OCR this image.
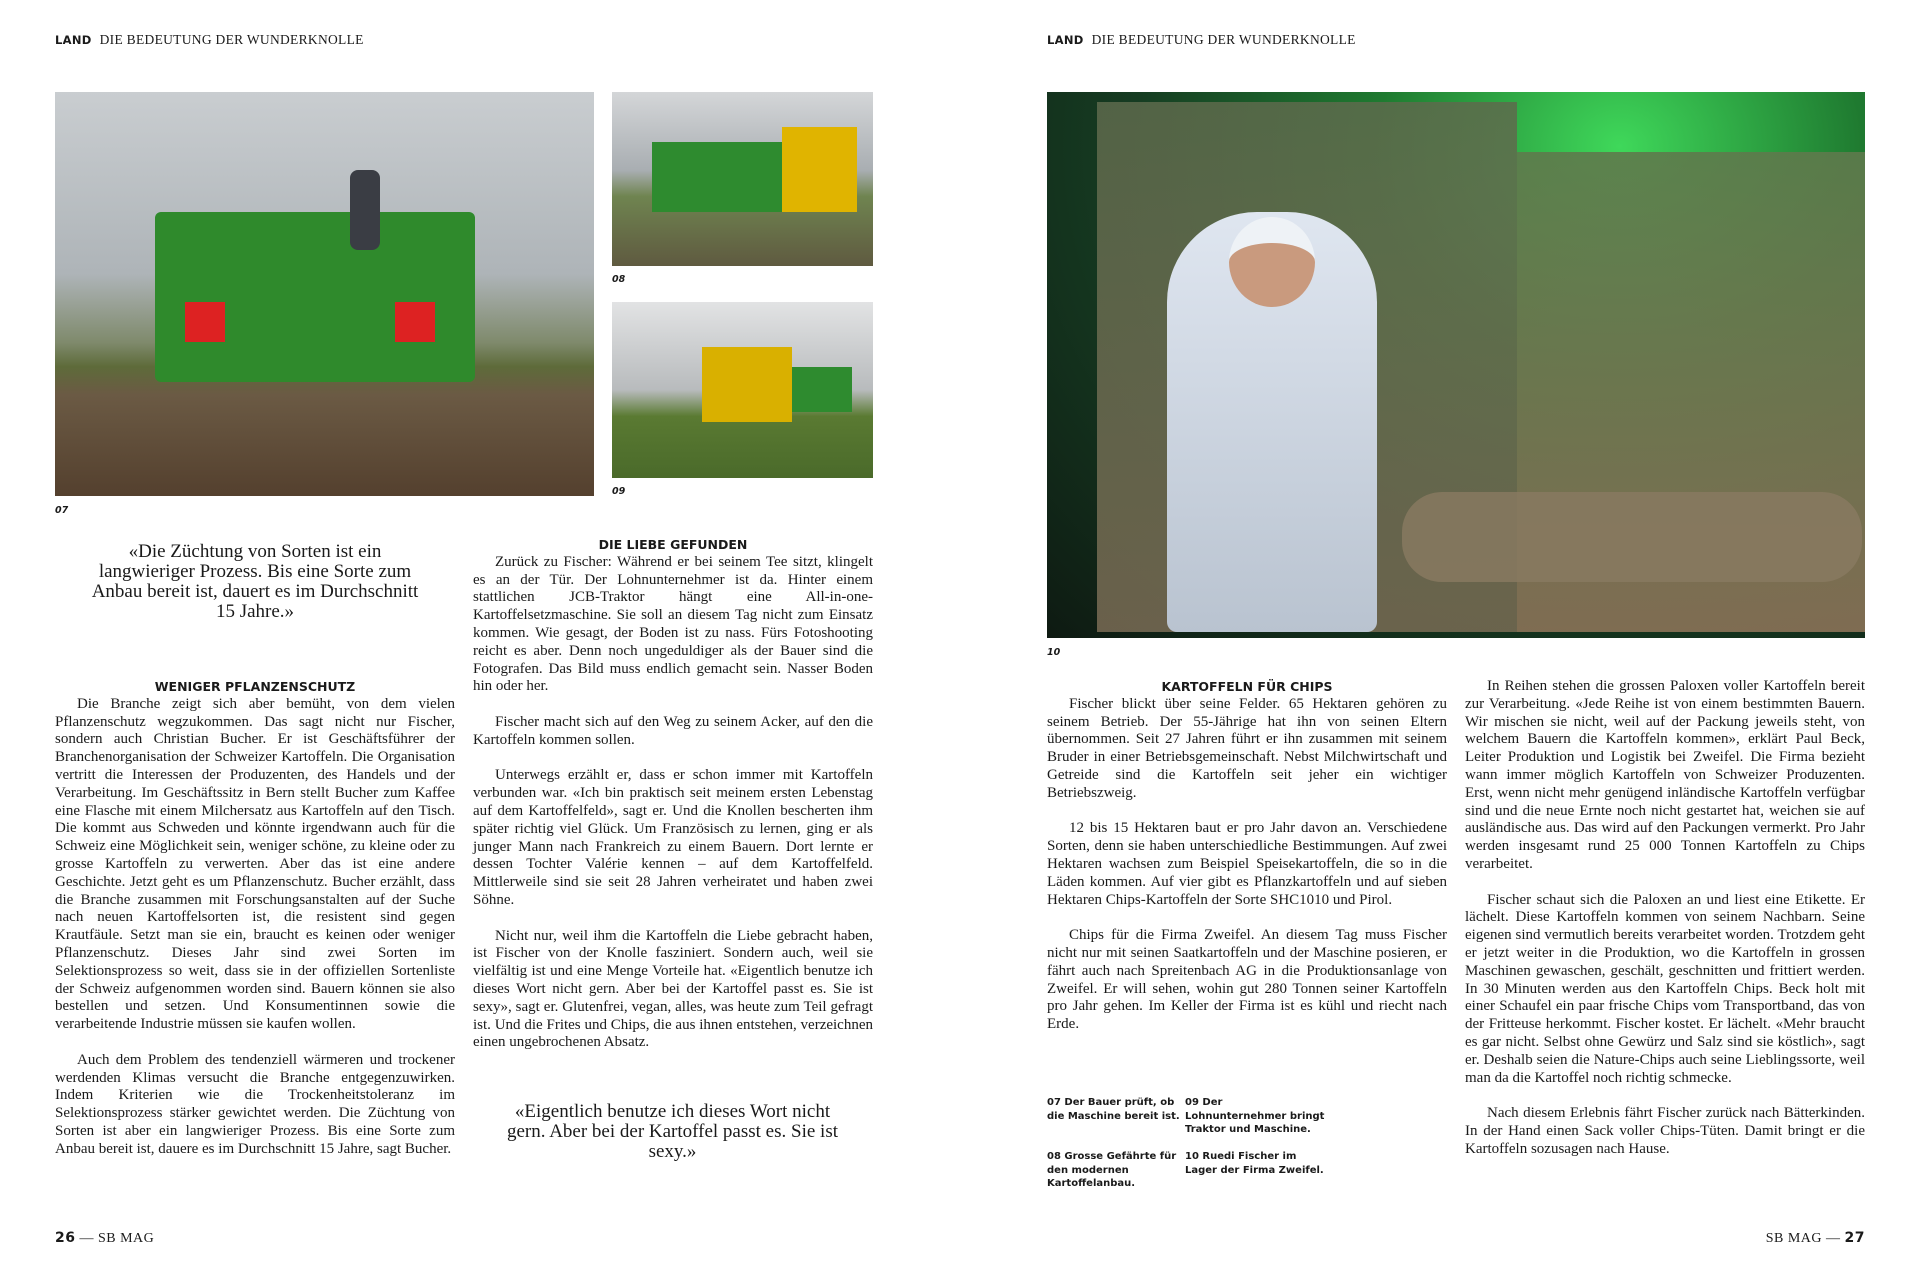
LAND DIE BEDEUTUNG DER WUNDERKNOLLE	LAND DIE BEDEUTUNG DER WUNDERKNOLLE
07
08
09
«Die Züchtung von Sorten ist ein langwieriger Prozess. Bis eine Sorte zum Anbau bereit ist, dauert es im Durchschnitt 15 Jahre.»
WENIGER PFLANZENSCHUTZ

Die Branche zeigt sich aber bemüht, von dem vielen Pflanzenschutz wegzukommen. Das sagt nicht nur Fischer, sondern auch Christian Bucher. Er ist Geschäftsführer der Branchenorganisation der Schweizer Kartoffeln. Die Organisation vertritt die Interessen der Produzenten, des Handels und der Verarbeitung. Im Geschäftssitz in Bern stellt Bucher zum Kaffee eine Flasche mit einem Milchersatz aus Kartoffeln auf den Tisch. Die kommt aus Schweden und könnte irgendwann auch für die Schweiz eine Möglichkeit sein, weniger schöne, zu kleine oder zu grosse Kartoffeln zu verwerten. Aber das ist eine andere Geschichte. Jetzt geht es um Pflanzenschutz. Bucher erzählt, dass die Branche zusammen mit Forschungsanstalten auf der Suche nach neuen Kartoffelsorten ist, die resistent sind gegen Krautfäule. Setzt man sie ein, braucht es keinen oder weniger Pflanzenschutz. Dieses Jahr sind zwei Sorten im Selektionsprozess so weit, dass sie in der offiziellen Sortenliste der Schweiz aufgenommen worden sind. Bauern können sie also bestellen und setzen. Und Konsumentinnen sowie die verarbeitende Industrie müssen sie kaufen wollen.

Auch dem Problem des tendenziell wärmeren und trockener werdenden Klimas versucht die Branche entgegenzuwirken. Indem Kriterien wie die Trockenheitstoleranz im Selektionsprozess stärker gewichtet werden. Die Züchtung von Sorten ist aber ein langwieriger Prozess. Bis eine Sorte zum Anbau bereit ist, dauere es im Durchschnitt 15 Jahre, sagt Bucher.

DIE LIEBE GEFUNDEN

Zurück zu Fischer: Während er bei seinem Tee sitzt, klingelt es an der Tür. Der Lohnunternehmer ist da. Hinter einem stattlichen JCB-Traktor hängt eine All-in-one-Kartoffelsetzmaschine. Sie soll an diesem Tag nicht zum Einsatz kommen. Wie gesagt, der Boden ist zu nass. Fürs Fotoshooting reicht es aber. Denn noch ungeduldiger als der Bauer sind die Fotografen. Das Bild muss endlich gemacht sein. Nasser Boden hin oder her.

Fischer macht sich auf den Weg zu seinem Acker, auf den die Kartoffeln kommen sollen.

Unterwegs erzählt er, dass er schon immer mit Kartoffeln verbunden war. «Ich bin praktisch seit meinem ersten Lebenstag auf dem Kartoffelfeld», sagt er. Und die Knollen bescherten ihm später richtig viel Glück. Um Französisch zu lernen, ging er als junger Mann nach Frankreich zu einem Bauern. Dort lernte er dessen Tochter Valérie kennen – auf dem Kartoffelfeld. Mittlerweile sind sie seit 28 Jahren verheiratet und haben zwei Söhne.

Nicht nur, weil ihm die Kartoffeln die Liebe gebracht haben, ist Fischer von der Knolle fasziniert. Sondern auch, weil sie vielfältig ist und eine Menge Vorteile hat. «Eigentlich benutze ich dieses Wort nicht gern. Aber bei der Kartoffel passt es. Sie ist sexy», sagt er. Glutenfrei, vegan, alles, was heute zum Teil gefragt ist. Und die Frites und Chips, die aus ihnen entstehen, verzeichnen einen ungebrochenen Absatz.

«Eigentlich benutze ich dieses Wort nicht gern. Aber bei der Kartoffel passt es. Sie ist sexy.»
26 — SB MAG
10
KARTOFFELN FÜR CHIPS

Fischer blickt über seine Felder. 65 Hektaren gehören zu seinem Betrieb. Der 55-Jährige hat ihn von seinen Eltern übernommen. Seit 27 Jahren führt er ihn zusammen mit seinem Bruder in einer Betriebsgemeinschaft. Nebst Milchwirtschaft und Getreide sind die Kartoffeln seit jeher ein wichtiger Betriebszweig.

12 bis 15 Hektaren baut er pro Jahr davon an. Verschiedene Sorten, denn sie haben unterschiedliche Bestimmungen. Auf zwei Hektaren wachsen zum Beispiel Speisekartoffeln, die so in die Läden kommen. Auf vier gibt es Pflanzkartoffeln und auf sieben Hektaren Chips-Kartoffeln der Sorte SHC1010 und Pirol.

Chips für die Firma Zweifel. An diesem Tag muss Fischer nicht nur mit seinen Saatkartoffeln und der Maschine posieren, er fährt auch nach Spreitenbach AG in die Produktionsanlage von Zweifel. Er will sehen, wohin gut 280 Tonnen seiner Kartoffeln pro Jahr gehen. Im Keller der Firma ist es kühl und riecht nach Erde.

07 Der Bauer prüft, ob die Maschine bereit ist.
09 Der Lohnunternehmer bringt Traktor und Maschine.
08 Grosse Gefährte für den modernen Kartoffelanbau.
10 Ruedi Fischer im Lager der Firma Zweifel.

In Reihen stehen die grossen Paloxen voller Kartoffeln bereit zur Verarbeitung. «Jede Reihe ist von einem bestimmten Bauern. Wir mischen sie nicht, weil auf der Packung jeweils steht, von welchem Bauern die Kartoffeln kommen», erklärt Paul Beck, Leiter Produktion und Logistik bei Zweifel. Die Firma bezieht wann immer möglich Kartoffeln von Schweizer Produzenten. Erst, wenn nicht mehr genügend inländische Kartoffeln verfügbar sind und die neue Ernte noch nicht gestartet hat, weichen sie auf ausländische aus. Das wird auf den Packungen vermerkt. Pro Jahr werden insgesamt rund 25 000 Tonnen Kartoffeln zu Chips verarbeitet.

Fischer schaut sich die Paloxen an und liest eine Etikette. Er lächelt. Diese Kartoffeln kommen von seinem Nachbarn. Seine eigenen sind vermutlich bereits verarbeitet worden. Trotzdem geht er jetzt weiter in die Produktion, wo die Kartoffeln in grossen Maschinen gewaschen, geschält, geschnitten und frittiert werden. In 30 Minuten werden aus den Kartoffeln Chips. Beck holt mit einer Schaufel ein paar frische Chips vom Transportband, das von der Fritteuse herkommt. Fischer kostet. Er lächelt. «Mehr braucht es gar nicht. Selbst ohne Gewürz und Salz sind sie köstlich», sagt er. Deshalb seien die Nature-Chips auch seine Lieblingssorte, weil man da die Kartoffel noch richtig schmecke.

Nach diesem Erlebnis fährt Fischer zurück nach Bätterkinden. In der Hand einen Sack voller Chips-Tüten. Damit bringt er die Kartoffeln sozusagen nach Hause.

SB MAG — 27
